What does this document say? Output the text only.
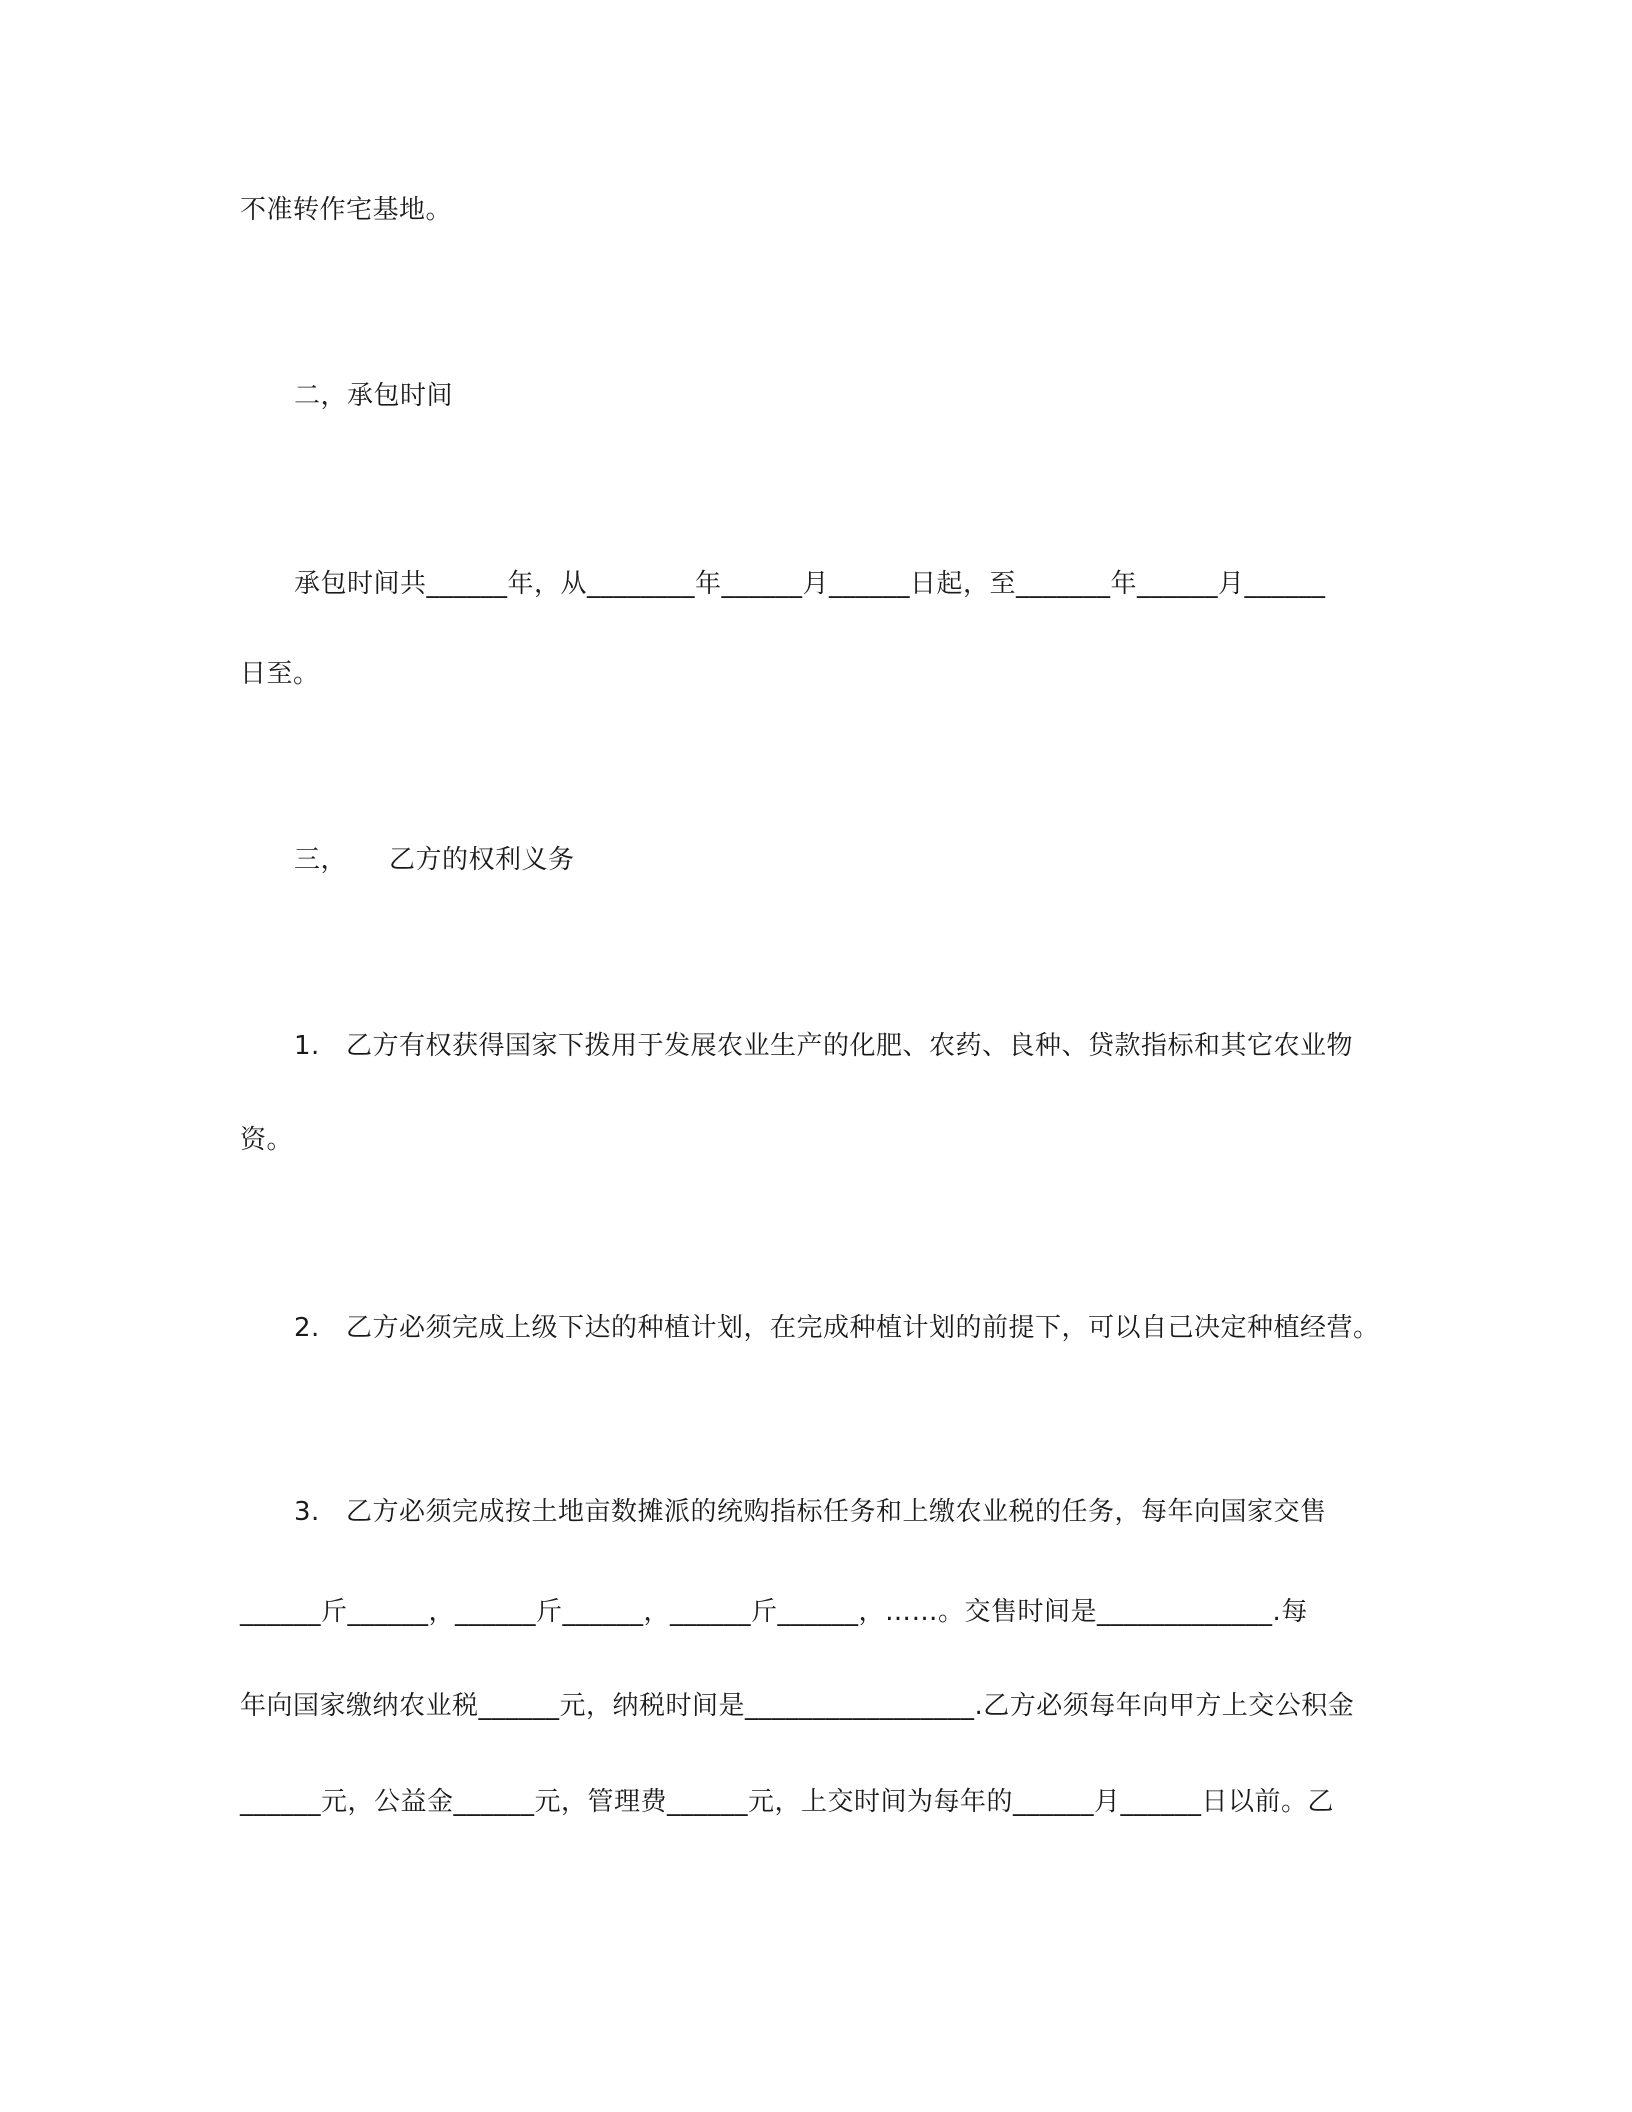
不准转作宅基地。
二，承包时间
承包时间共______年，从________年______月______日起，至_______年______月______
日至。
三， 乙方的权利义务
1. 乙方有权获得国家下拨用于发展农业生产的化肥、农药、良种、贷款指标和其它农业物
资。
2. 乙方必须完成上级下达的种植计划，在完成种植计划的前提下，可以自己决定种植经营。
3. 乙方必须完成按土地亩数摊派的统购指标任务和上缴农业税的任务，每年向国家交售
______斤______，______斤______，______斤______，……。交售时间是_____________.每
年向国家缴纳农业税______元，纳税时间是_________________.乙方必须每年向甲方上交公积金
______元，公益金______元，管理费______元，上交时间为每年的______月______日以前。乙
